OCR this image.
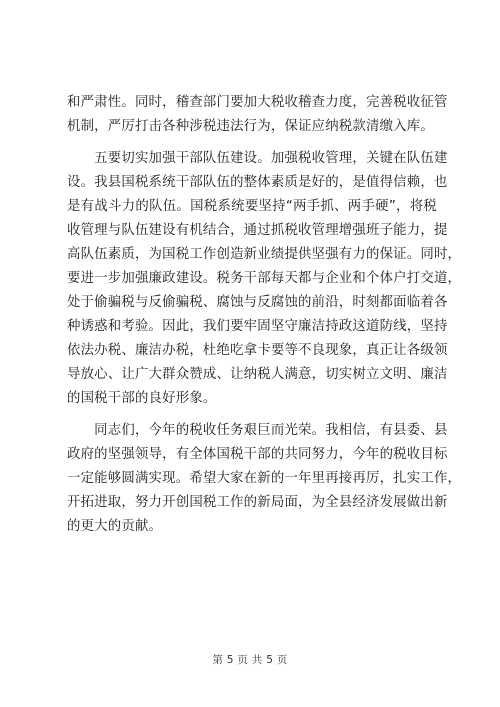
和严肃性。同时，稽查部门要加大税收稽查力度，完善税收征管
机制，严厉打击各种涉税违法行为，保证应纳税款清缴入库。
　　五要切实加强干部队伍建设。加强税收管理，关键在队伍建
设。我县国税系统干部队伍的整体素质是好的，是值得信赖，也
是有战斗力的队伍。国税系统要坚持“两手抓、两手硬”，将税
收管理与队伍建设有机结合，通过抓税收管理增强班子能力，提
高队伍素质，为国税工作创造新业绩提供坚强有力的保证。同时，
要进一步加强廉政建设。税务干部每天都与企业和个体户打交道，
处于偷骗税与反偷骗税、腐蚀与反腐蚀的前沿，时刻都面临着各
种诱惑和考验。因此，我们要牢固坚守廉洁持政这道防线，坚持
依法办税、廉洁办税，杜绝吃拿卡要等不良现象，真正让各级领
导放心、让广大群众赞成、让纳税人满意，切实树立文明、廉洁
的国税干部的良好形象。
　　同志们，今年的税收任务艰巨而光荣。我相信，有县委、县
政府的坚强领导，有全体国税干部的共同努力，今年的税收目标
一定能够圆满实现。希望大家在新的一年里再接再厉，扎实工作，
开拓进取，努力开创国税工作的新局面，为全县经济发展做出新
的更大的贡献。
第 5 页 共 5 页
